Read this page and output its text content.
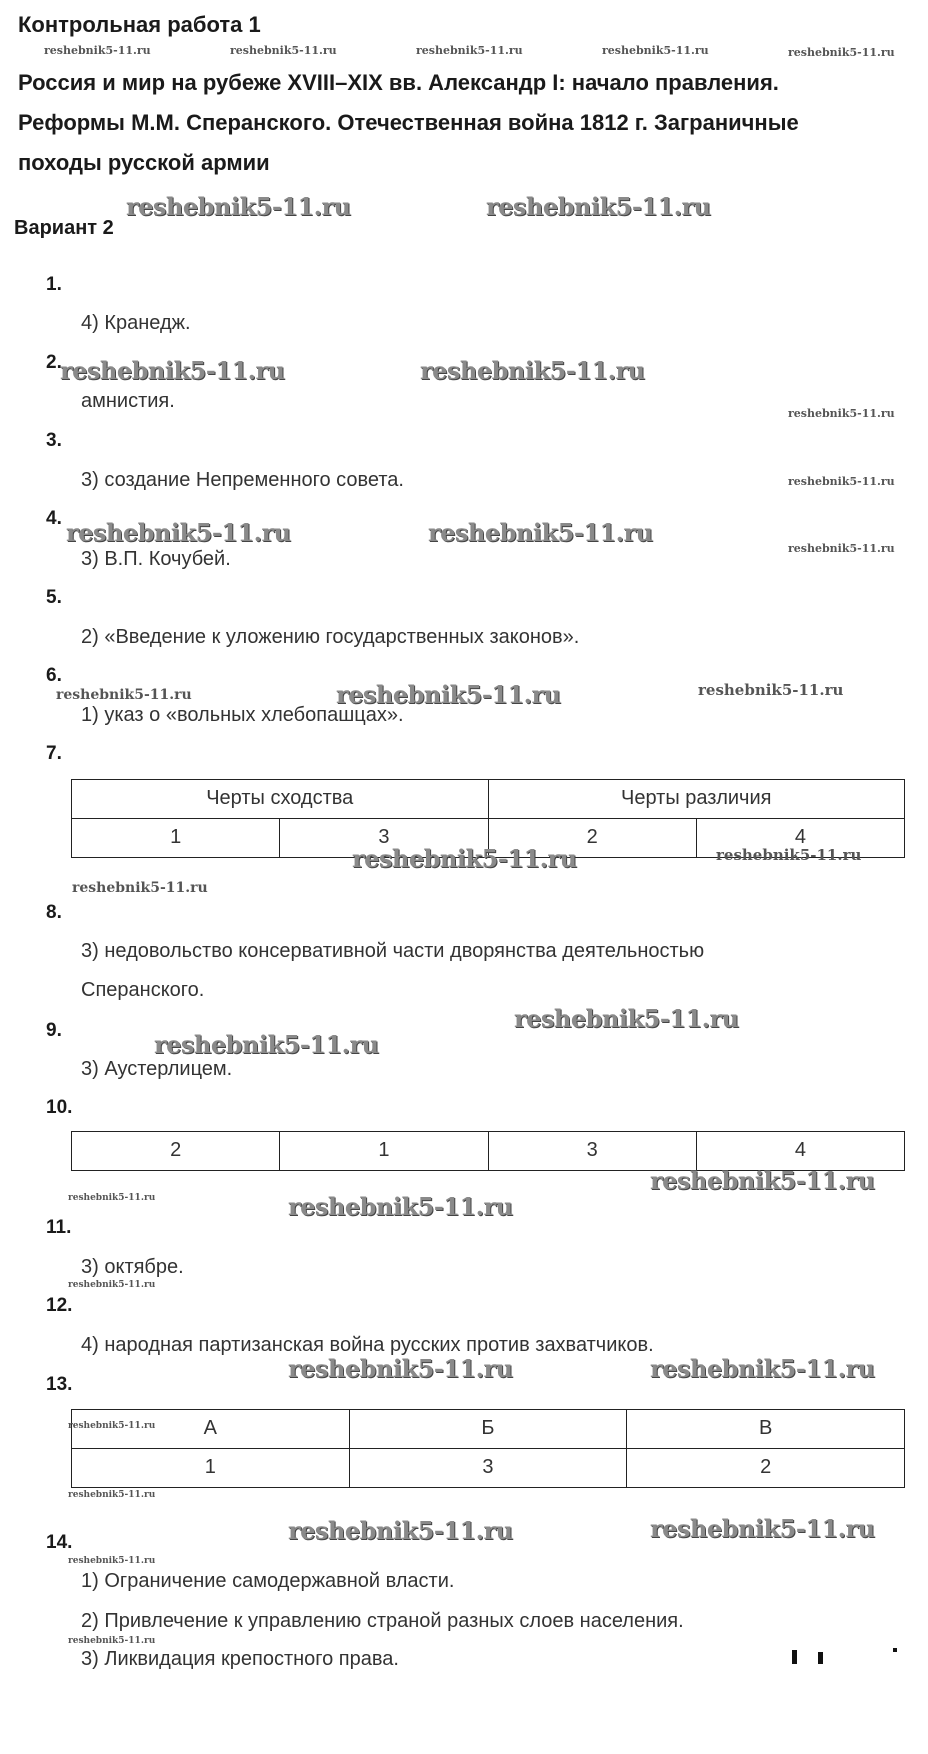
Контрольная работа 1
Россия и мир на рубеже XVIII–XIX вв. Александр I: начало правления.
Реформы М.М. Сперанского. Отечественная война 1812 г. Заграничные
походы русской армии
Вариант 2
1.
4) Кранедж.
2.
амнистия.
3.
3) создание Непременного совета.
4.
3) В.П. Кочубей.
5.
2) «Введение к уложению государственных законов».
6.
1) указ о «вольных хлебопашцах».
7.
Черты сходства		Черты различия	
1	3	2	4
8.
3) недовольство консервативной части дворянства деятельностью
Сперанского.
9.
3) Аустерлицем.
10.
2	1	3	4
11.
3) октябре.
12.
4) народная партизанская война русских против захватчиков.
13.
А	Б	В
1	3	2
14.
1) Ограничение самодержавной власти.
2) Привлечение к управлению страной разных слоев населения.
3) Ликвидация крепостного права.
reshebnik5-11.ru	reshebnik5-11.ru	reshebnik5-11.ru	reshebnik5-11.ru	reshebnik5-11.ru
reshebnik5-11.ru	reshebnik5-11.ru
reshebnik5-11.ru	reshebnik5-11.ru
reshebnik5-11.ru
reshebnik5-11.ru
reshebnik5-11.ru	reshebnik5-11.ru
reshebnik5-11.ru
reshebnik5-11.ru	reshebnik5-11.ru	reshebnik5-11.ru
reshebnik5-11.ru	reshebnik5-11.ru
reshebnik5-11.ru
reshebnik5-11.ru
reshebnik5-11.ru
reshebnik5-11.ru
reshebnik5-11.ru	reshebnik5-11.ru
reshebnik5-11.ru
reshebnik5-11.ru	reshebnik5-11.ru
reshebnik5-11.ru
reshebnik5-11.ru
reshebnik5-11.ru	reshebnik5-11.ru
reshebnik5-11.ru
reshebnik5-11.ru
